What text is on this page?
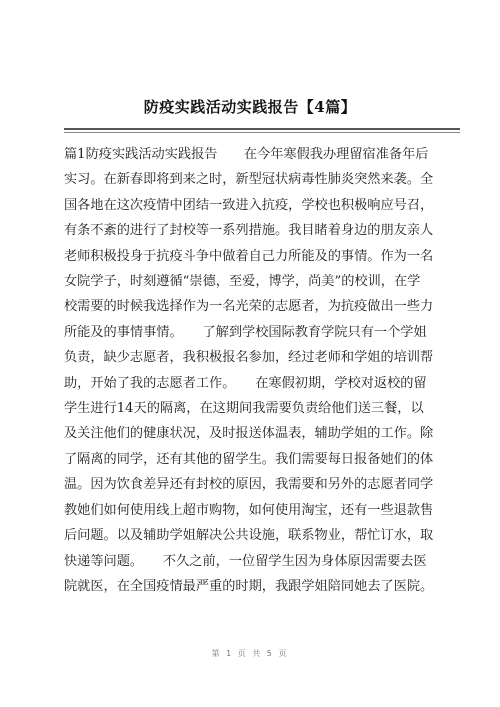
防疫实践活动实践报告【4篇】
篇1防疫实践活动实践报告　　在今年寒假我办理留宿准备年后
实习。在新春即将到来之时，新型冠状病毒性肺炎突然来袭。全
国各地在这次疫情中团结一致进入抗疫，学校也积极响应号召，
有条不紊的进行了封校等一系列措施。我目睹着身边的朋友亲人
老师积极投身于抗疫斗争中做着自己力所能及的事情。作为一名
女院学子，时刻遵循“崇德，至爱，博学，尚美”的校训，在学
校需要的时候我选择作为一名光荣的志愿者，为抗疫做出一些力
所能及的事情事情。　　了解到学校国际教育学院只有一个学姐
负责，缺少志愿者，我积极报名参加，经过老师和学姐的培训帮
助，开始了我的志愿者工作。　　在寒假初期，学校对返校的留
学生进行14天的隔离，在这期间我需要负责给他们送三餐，以
及关注他们的健康状况，及时报送体温表，辅助学姐的工作。除
了隔离的同学，还有其他的留学生。我们需要每日报备她们的体
温。因为饮食差异还有封校的原因，我需要和另外的志愿者同学
教她们如何使用线上超市购物，如何使用淘宝，还有一些退款售
后问题。以及辅助学姐解决公共设施，联系物业，帮忙订水，取
快递等问题。　　不久之前，一位留学生因为身体原因需要去医
院就医，在全国疫情最严重的时期，我跟学姐陪同她去了医院。
第 1 页 共 5 页
